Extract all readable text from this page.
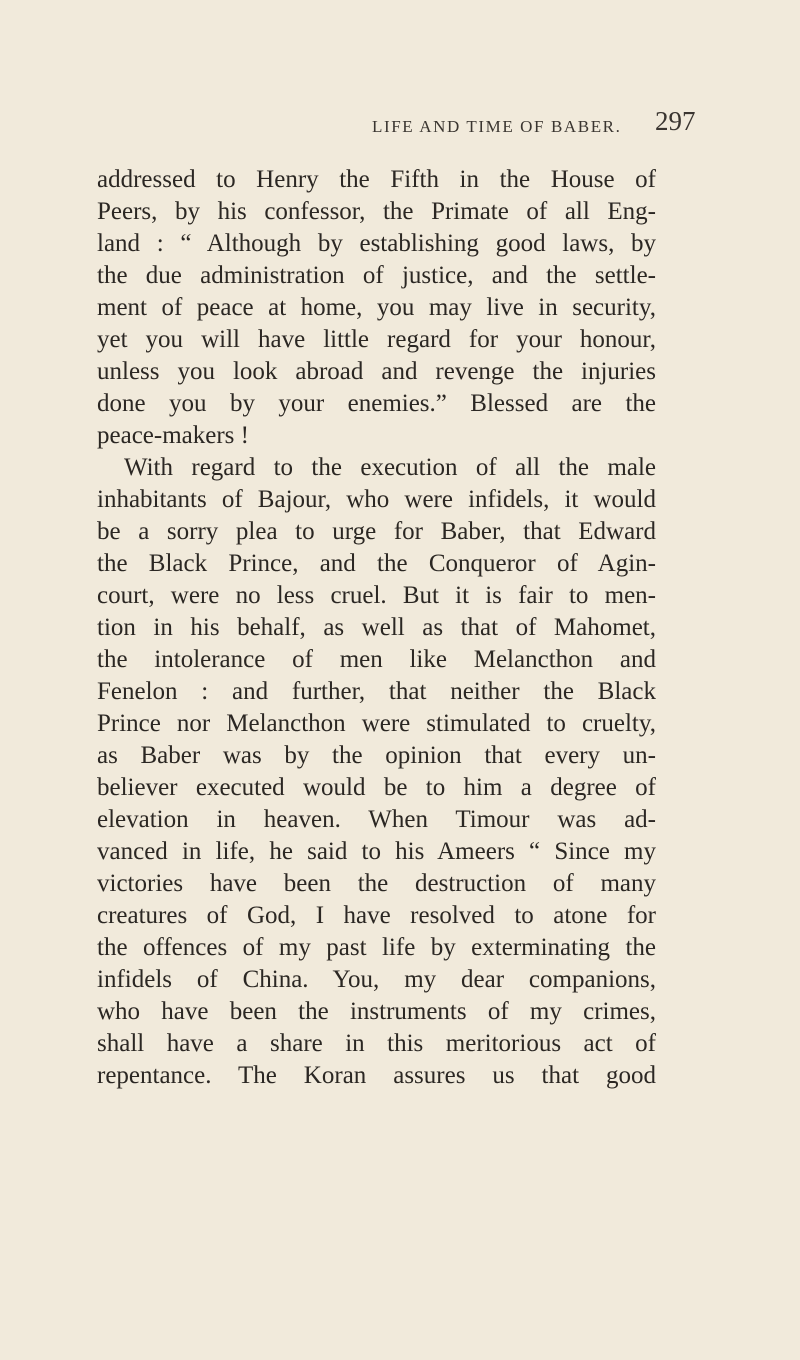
LIFE AND TIME OF BABER. 297
addressed to Henry the Fifth in the House of
Peers, by his confessor, the Primate of all Eng-
land : “ Although by establishing good laws, by
the due administration of justice, and the settle-
ment of peace at home, you may live in security,
yet you will have little regard for your honour,
unless you look abroad and revenge the injuries
done you by your enemies.” Blessed are the
peace-makers !
With regard to the execution of all the male
inhabitants of Bajour, who were infidels, it would
be a sorry plea to urge for Baber, that Edward
the Black Prince, and the Conqueror of Agin-
court, were no less cruel. But it is fair to men-
tion in his behalf, as well as that of Mahomet,
the intolerance of men like Melancthon and
Fenelon : and further, that neither the Black
Prince nor Melancthon were stimulated to cruelty,
as Baber was by the opinion that every un-
believer executed would be to him a degree of
elevation in heaven. When Timour was ad-
vanced in life, he said to his Ameers “ Since my
victories have been the destruction of many
creatures of God, I have resolved to atone for
the offences of my past life by exterminating the
infidels of China. You, my dear companions,
who have been the instruments of my crimes,
shall have a share in this meritorious act of
repentance. The Koran assures us that good
